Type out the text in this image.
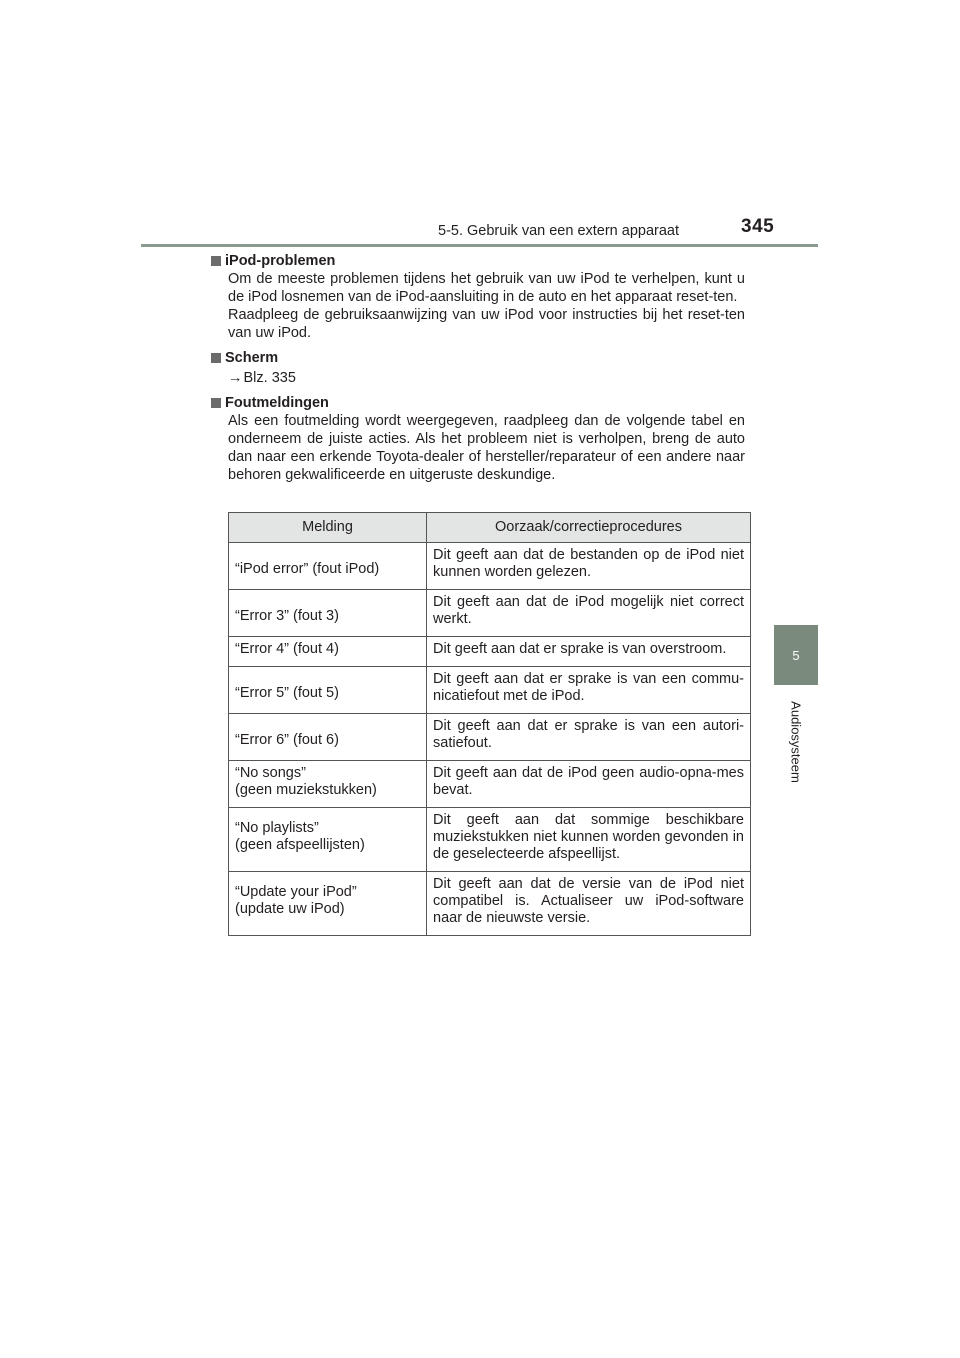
5-5. Gebruik van een extern apparaat	345
5
Audiosysteem
iPod-problemen

Om de meeste problemen tijdens het gebruik van uw iPod te verhelpen, kunt u de iPod losnemen van de iPod-aansluiting in de auto en het apparaat reset-ten.

Raadpleeg de gebruiksaanwijzing van uw iPod voor instructies bij het reset-ten van uw iPod.

Scherm
→ Blz. 335
Foutmeldingen

Als een foutmelding wordt weergegeven, raadpleeg dan de volgende tabel en onderneem de juiste acties. Als het probleem niet is verholpen, breng de auto dan naar een erkende Toyota-dealer of hersteller/reparateur of een andere naar behoren gekwalificeerde en uitgeruste deskundige.

Melding	Oorzaak/correctieprocedures
“iPod error” (fout iPod)	Dit geeft aan dat de bestanden op de iPod niet kunnen worden gelezen.
“Error 3” (fout 3)	Dit geeft aan dat de iPod mogelijk niet correct werkt.
“Error 4” (fout 4)	Dit geeft aan dat er sprake is van overstroom.
“Error 5” (fout 5)	Dit geeft aan dat er sprake is van een commu-nicatiefout met de iPod.
“Error 6” (fout 6)	Dit geeft aan dat er sprake is van een autori-satiefout.
“No songs”
(geen muziekstukken)	Dit geeft aan dat de iPod geen audio-opna-mes bevat.
“No playlists”
(geen afspeellijsten)	Dit geeft aan dat sommige beschikbare muziekstukken niet kunnen worden gevonden in de geselecteerde afspeellijst.
“Update your iPod”
(update uw iPod)	Dit geeft aan dat de versie van de iPod niet compatibel is. Actualiseer uw iPod-software naar de nieuwste versie.
